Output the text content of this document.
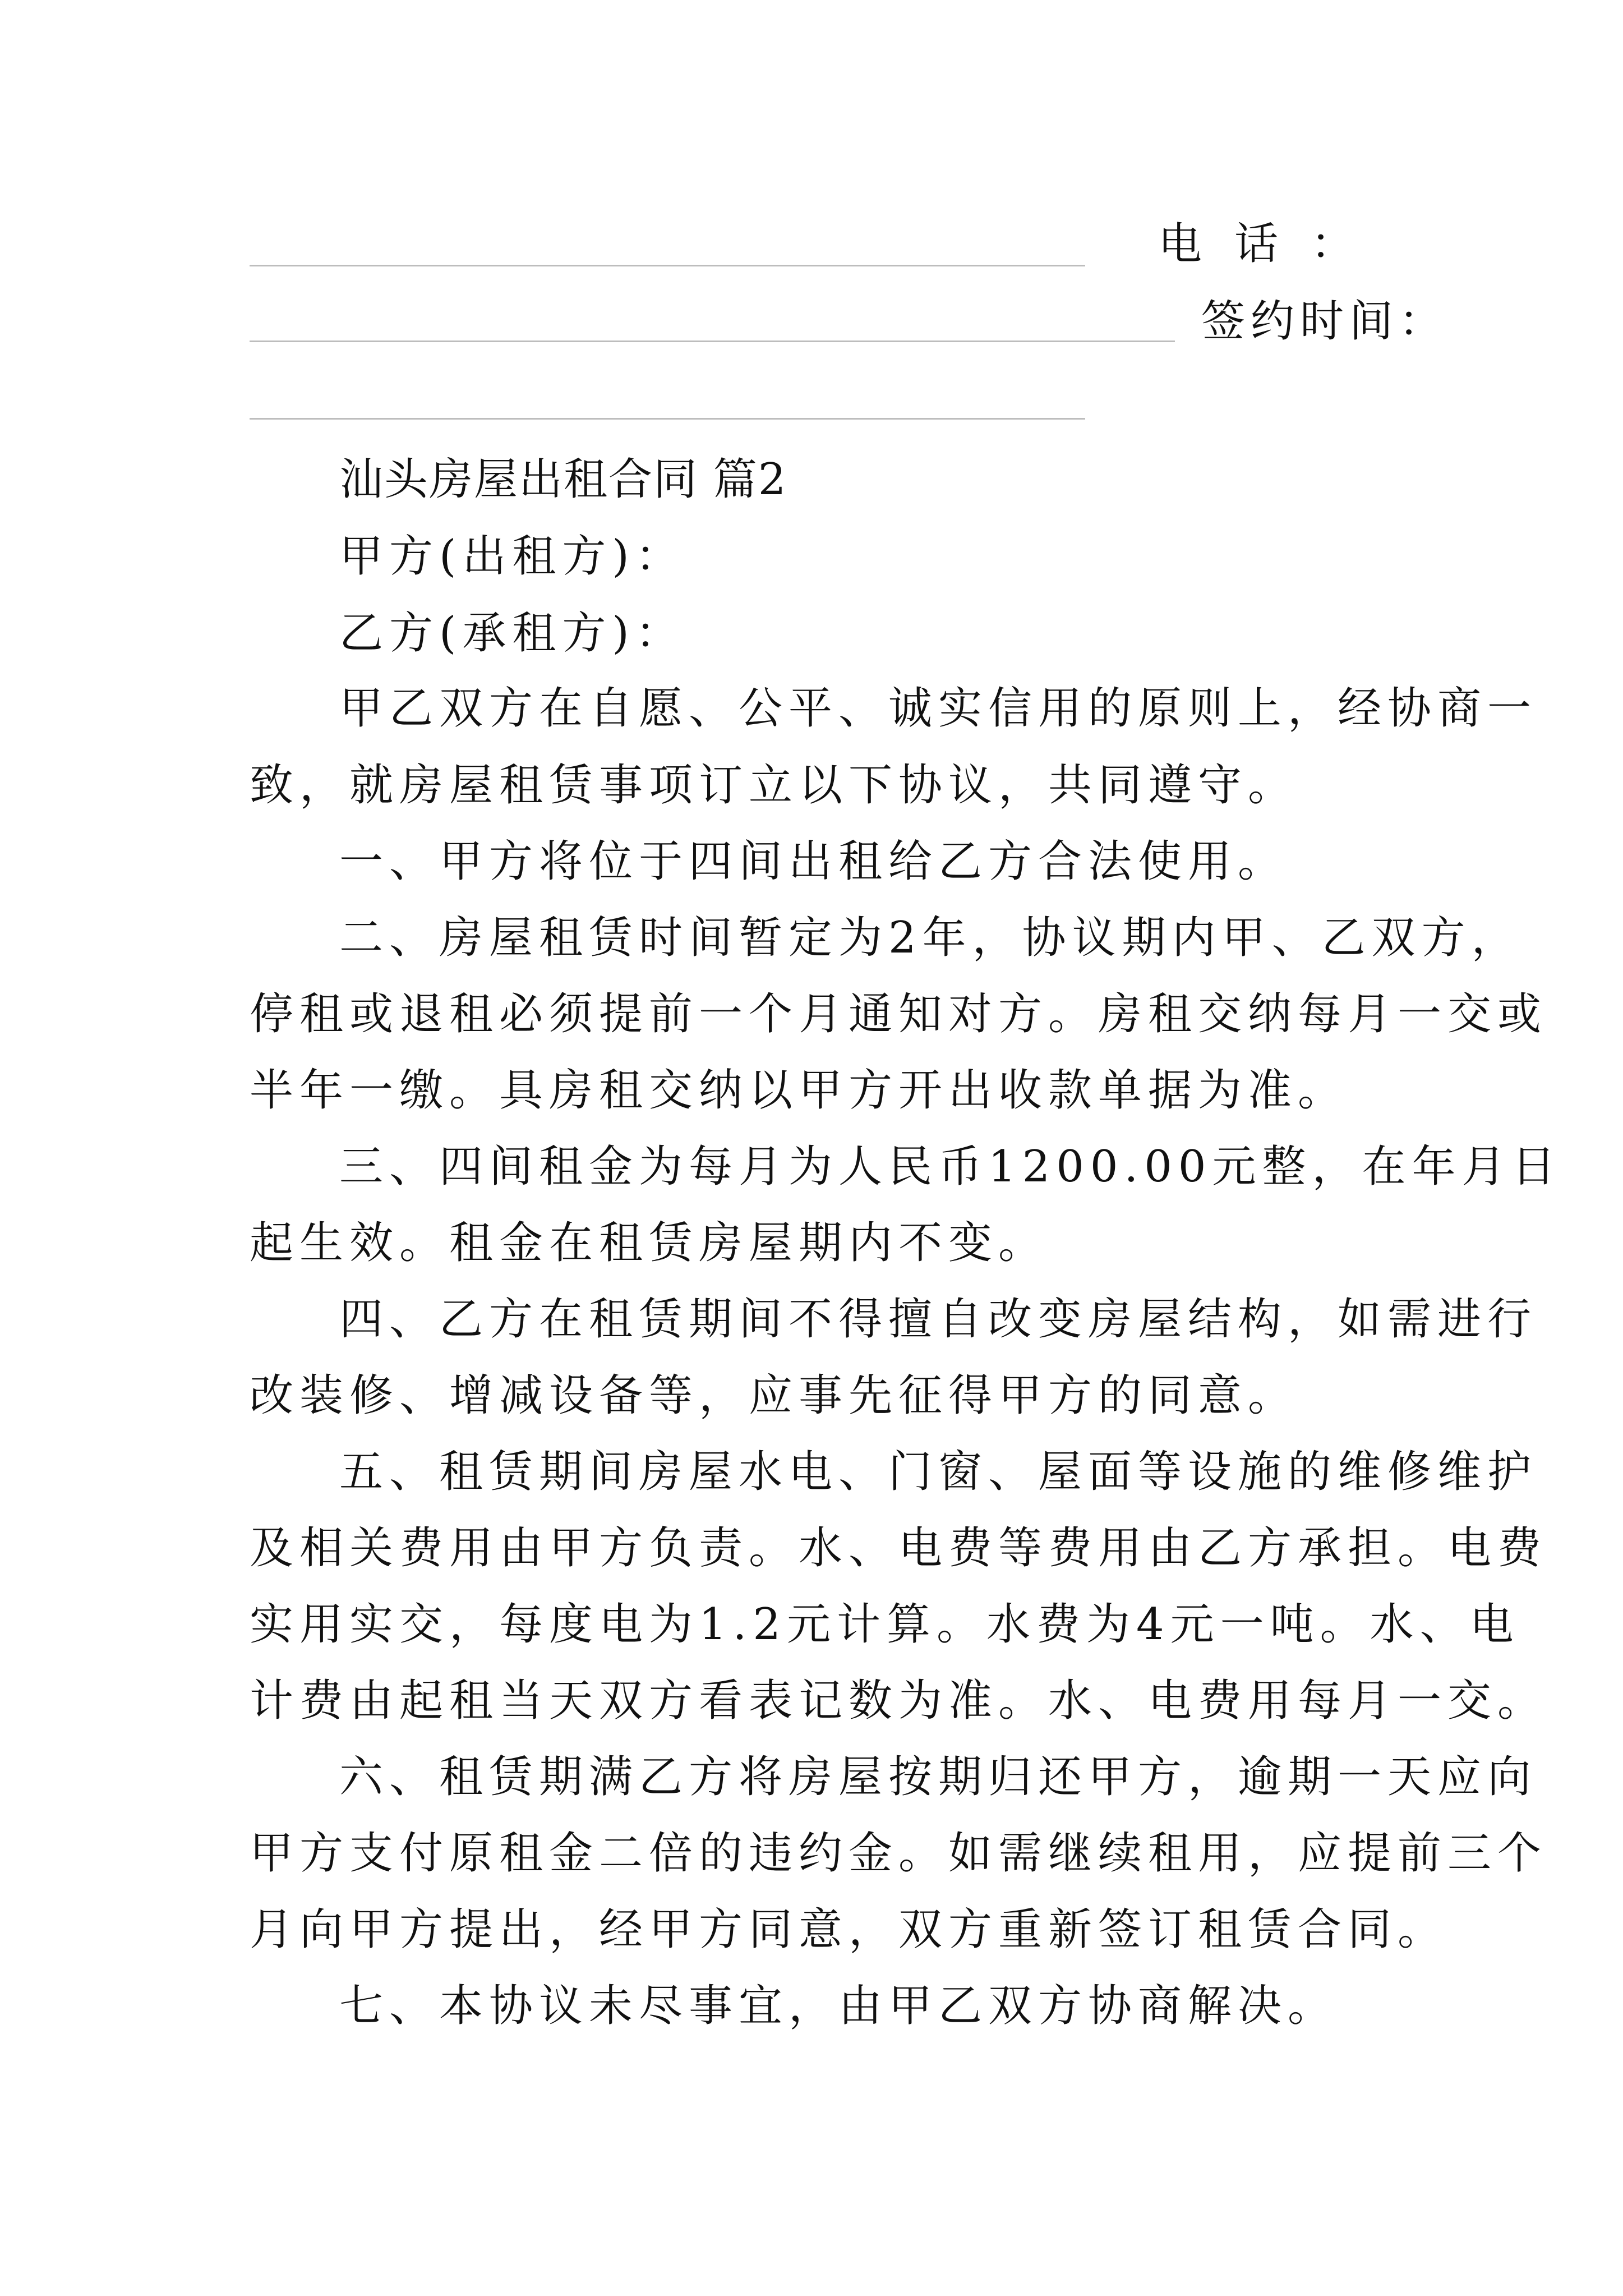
电话：
签约时间：
汕头房屋出租合同 篇2
甲方(出租方)：
乙方(承租方)：
甲乙双方在自愿、公平、诚实信用的原则上，经协商一
致，就房屋租赁事项订立以下协议，共同遵守。
一、甲方将位于四间出租给乙方合法使用。
二、房屋租赁时间暂定为2年，协议期内甲、乙双方，
停租或退租必须提前一个月通知对方。房租交纳每月一交或
半年一缴。具房租交纳以甲方开出收款单据为准。
三、四间租金为每月为人民币1200.00元整，在年月日
起生效。租金在租赁房屋期内不变。
四、乙方在租赁期间不得擅自改变房屋结构，如需进行
改装修、增减设备等，应事先征得甲方的同意。
五、租赁期间房屋水电、门窗、屋面等设施的维修维护
及相关费用由甲方负责。水、电费等费用由乙方承担。电费
实用实交，每度电为1.2元计算。水费为4元一吨。水、电
计费由起租当天双方看表记数为准。水、电费用每月一交。
六、租赁期满乙方将房屋按期归还甲方，逾期一天应向
甲方支付原租金二倍的违约金。如需继续租用，应提前三个
月向甲方提出，经甲方同意，双方重新签订租赁合同。
七、本协议未尽事宜，由甲乙双方协商解决。
